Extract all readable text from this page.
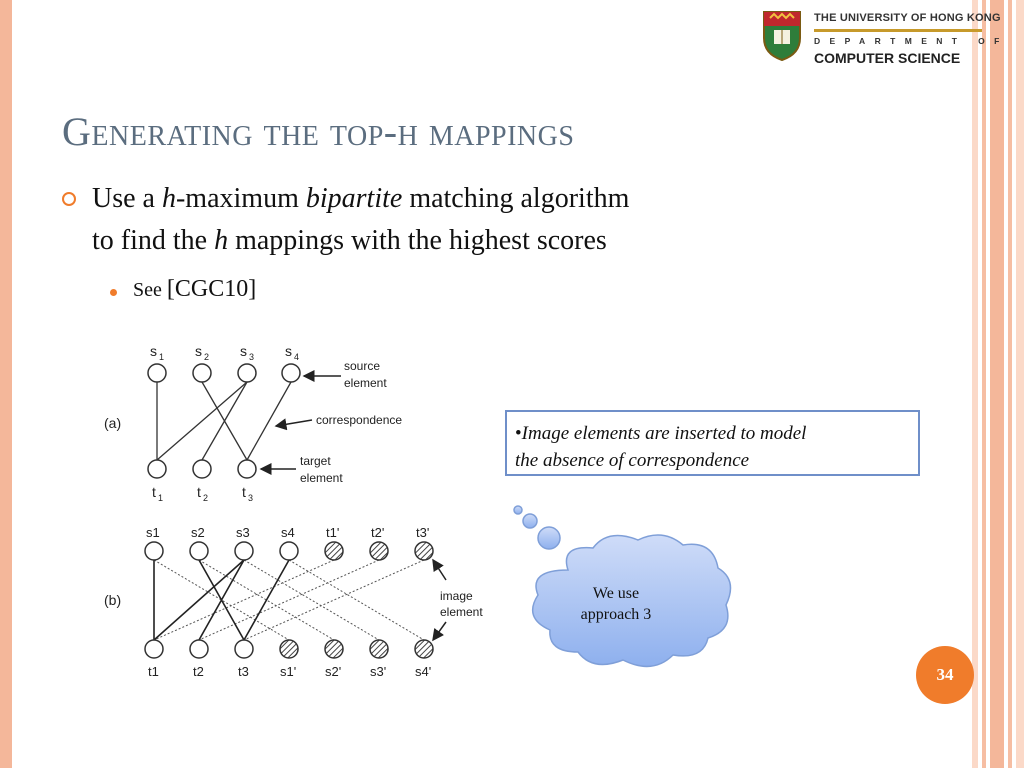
THE UNIVERSITY OF HONG KONG
DEPARTMENT OF
COMPUTER SCIENCE
Generating the top-h mappings
Use a h-maximum bipartite matching algorithm
to find the h mappings with the highest scores
See [CGC10]
(a)
s 1 s 2 s 3 s 4
t 1 t 2 t 3
source
element
correspondence
target
element
(b)
s1 s2 s3 s4 t1' t2' t3'
t1	t2	t3 s1' s2' s3' s4'
image
element
•Image elements are inserted to model
the absence of correspondence
We use
approach 3
34
